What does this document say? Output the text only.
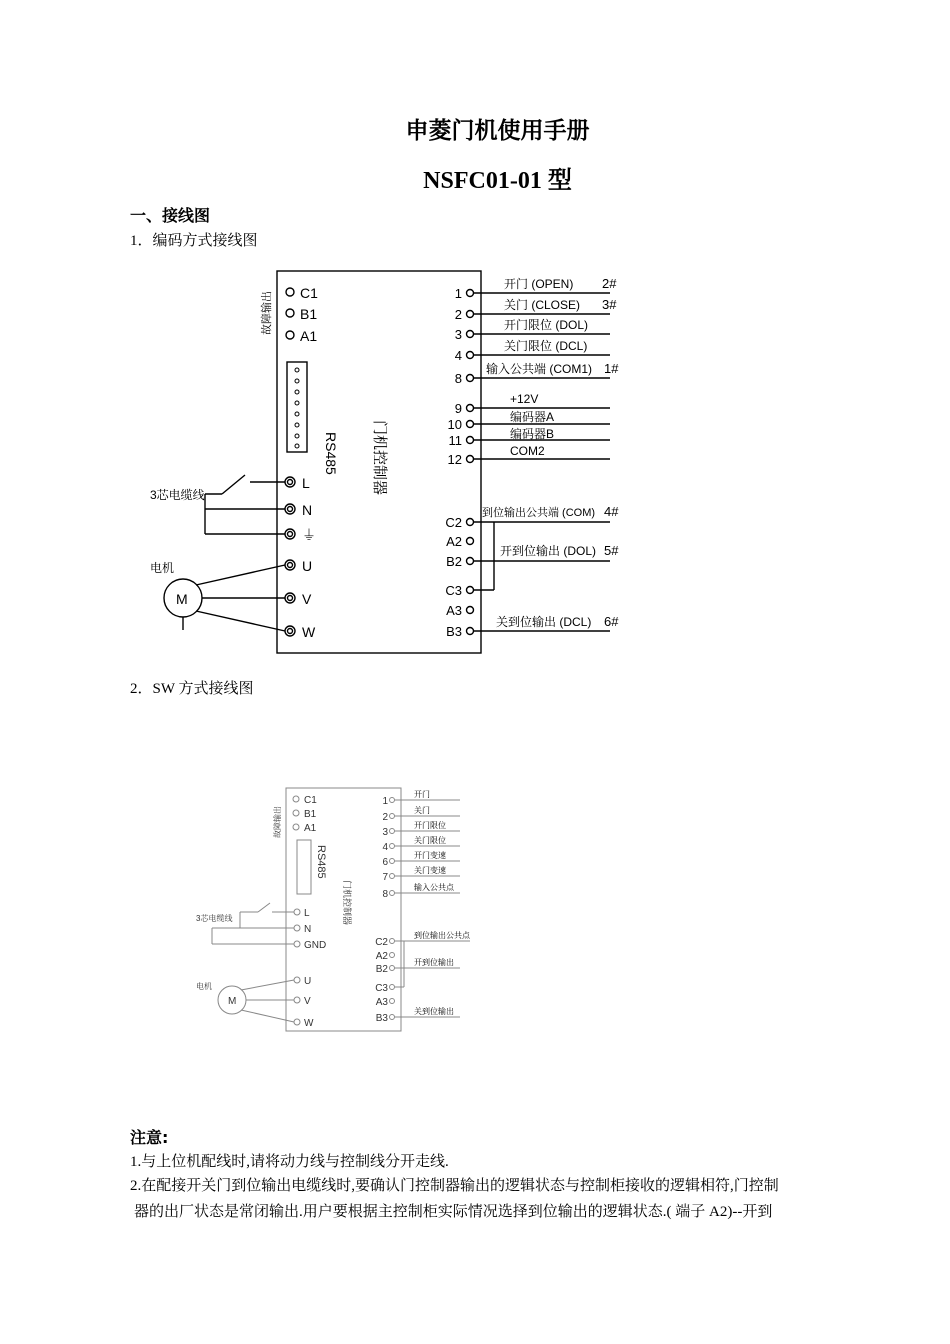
申菱门机使用手册
NSFC01-01 型
一、接线图
1．编码方式接线图
C1
B1
A1
L
N
⏚
U
V
W
M
3芯电缆线
电机
故障输出
RS485 门机控制器
1
2
3
4
8
9
10
11
12
C2
A2
B2
C3
A3
B3
开门 (OPEN)
关门 (CLOSE)
开门限位 (DOL)
关门限位 (DCL)
输入公共端 (COM1)
+12V
编码器A
编码器B
COM2
到位输出公共端 (COM)
开到位输出 (DOL)
关到位输出 (DCL)
2#
3#
1#
4#
5#
6#
2．SW 方式接线图
C1
B1
A1
L
N
GND
U
V
W
M
3芯电缆线
电机
故障输出
RS485
门机控制器
1
2
3
4
6
7
8
C2
A2
B2
C3
A3
B3
开门
关门
开门限位
关门限位
开门变速
关门变速
输入公共点
到位输出公共点
开到位输出
关到位输出
注意:
1.与上位机配线时,请将动力线与控制线分开走线.
2.在配接开关门到位输出电缆线时,要确认门控制器输出的逻辑状态与控制柜接收的逻辑相符,门控制
器的出厂状态是常闭输出.用户要根据主控制柜实际情况选择到位输出的逻辑状态.( 端子 A2)--开到
